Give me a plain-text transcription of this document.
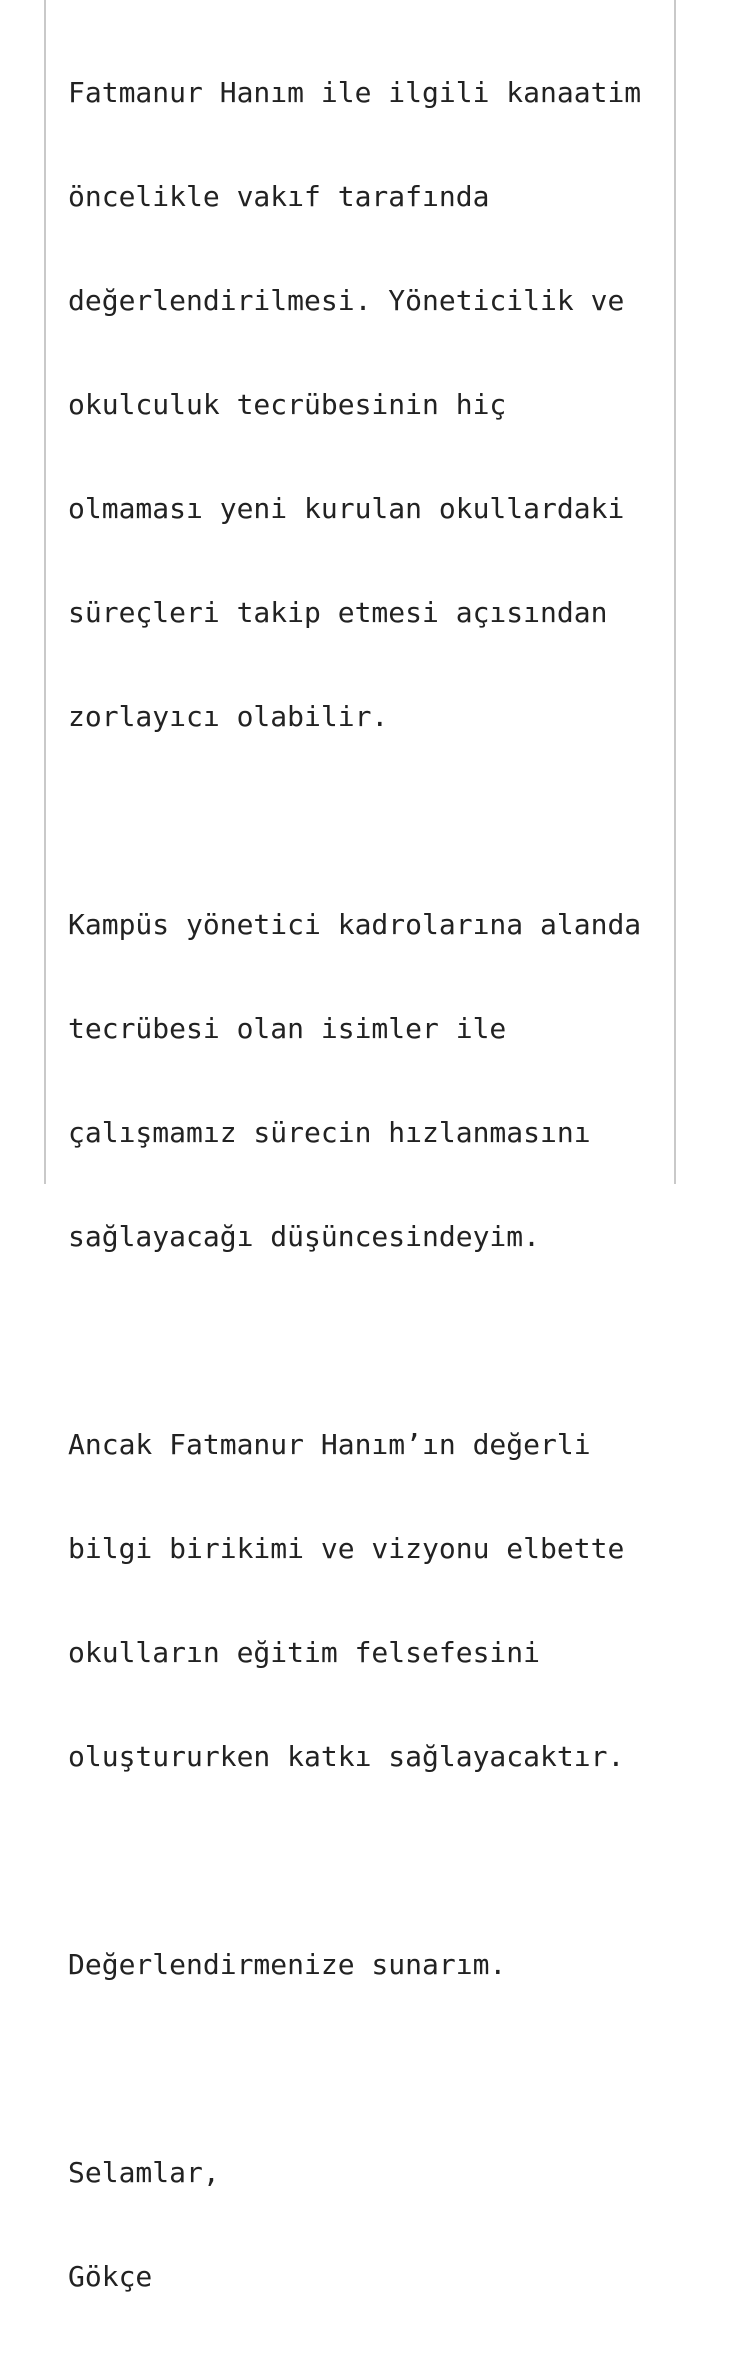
Fatmanur Hanım ile ilgili kanaatim

öncelikle vakıf tarafında

değerlendirilmesi. Yöneticilik ve

okulculuk tecrübesinin hiç

olmaması yeni kurulan okullardaki

süreçleri takip etmesi açısından

zorlayıcı olabilir.

Kampüs yönetici kadrolarına alanda

tecrübesi olan isimler ile

çalışmamız sürecin hızlanmasını

sağlayacağı düşüncesindeyim.

Ancak Fatmanur Hanım’ın değerli

bilgi birikimi ve vizyonu elbette

okulların eğitim felsefesini

oluştururken katkı sağlayacaktır.

Değerlendirmenize sunarım.

Selamlar,

Gökçe
